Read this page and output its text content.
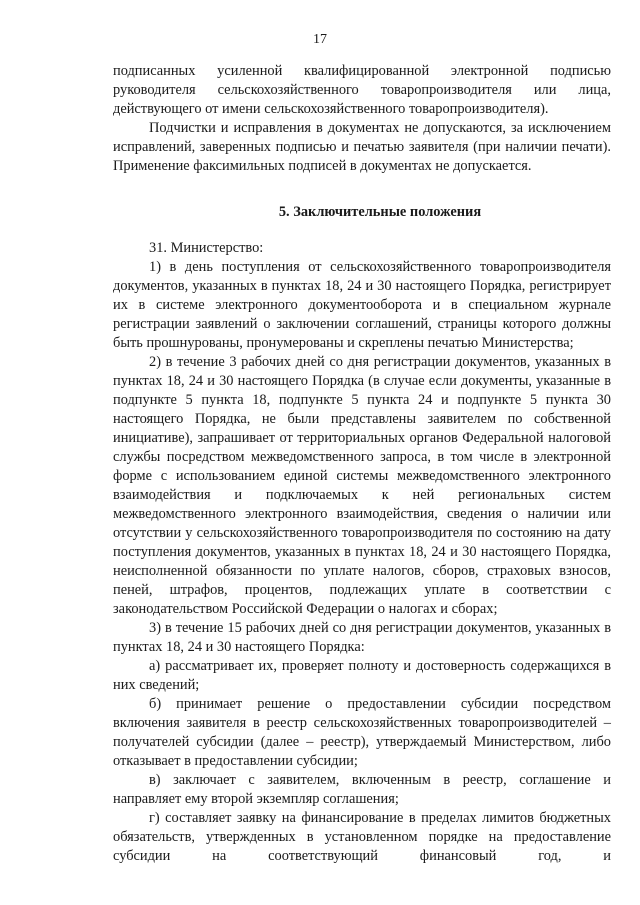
17

подписанных усиленной квалифицированной электронной подписью руководителя сельскохозяйственного товаропроизводителя или лица, действующего от имени сельскохозяйственного товаропроизводителя).

Подчистки и исправления в документах не допускаются, за исключением исправлений, заверенных подписью и печатью заявителя (при наличии печати). Применение факсимильных подписей в документах не допускается.

5. Заключительные положения

31. Министерство:

1) в день поступления от сельскохозяйственного товаропроизводителя документов, указанных в пунктах 18, 24 и 30 настоящего Порядка, регистрирует их в системе электронного документооборота и в специальном журнале регистрации заявлений о заключении соглашений, страницы которого должны быть прошнурованы, пронумерованы и скреплены печатью Министерства;

2) в течение 3 рабочих дней со дня регистрации документов, указанных в пунктах 18, 24 и 30 настоящего Порядка (в случае если документы, указанные в подпункте 5 пункта 18, подпункте 5 пункта 24 и подпункте 5 пункта 30 настоящего Порядка, не были представлены заявителем по собственной инициативе), запрашивает от территориальных органов Федеральной налоговой службы посредством межведомственного запроса, в том числе в электронной форме с использованием единой системы межведомственного электронного взаимодействия и подключаемых к ней региональных систем межведомственного электронного взаимодействия, сведения о наличии или отсутствии у сельскохозяйственного товаропроизводителя по состоянию на дату поступления документов, указанных в пунктах 18, 24 и 30 настоящего Порядка, неисполненной обязанности по уплате налогов, сборов, страховых взносов, пеней, штрафов, процентов, подлежащих уплате в соответствии с законодательством Российской Федерации о налогах и сборах;

3) в течение 15 рабочих дней со дня регистрации документов, указанных в пунктах 18, 24 и 30 настоящего Порядка:

а) рассматривает их, проверяет полноту и достоверность содержащихся в них сведений;

б) принимает решение о предоставлении субсидии посредством включения заявителя в реестр сельскохозяйственных товаропроизводителей – получателей субсидии (далее – реестр), утверждаемый Министерством, либо отказывает в предоставлении субсидии;

в) заключает с заявителем, включенным в реестр, соглашение и направляет ему второй экземпляр соглашения;

г) составляет заявку на финансирование в пределах лимитов бюджетных обязательств, утвержденных в установленном порядке на предоставление субсидии на соответствующий финансовый год, и
